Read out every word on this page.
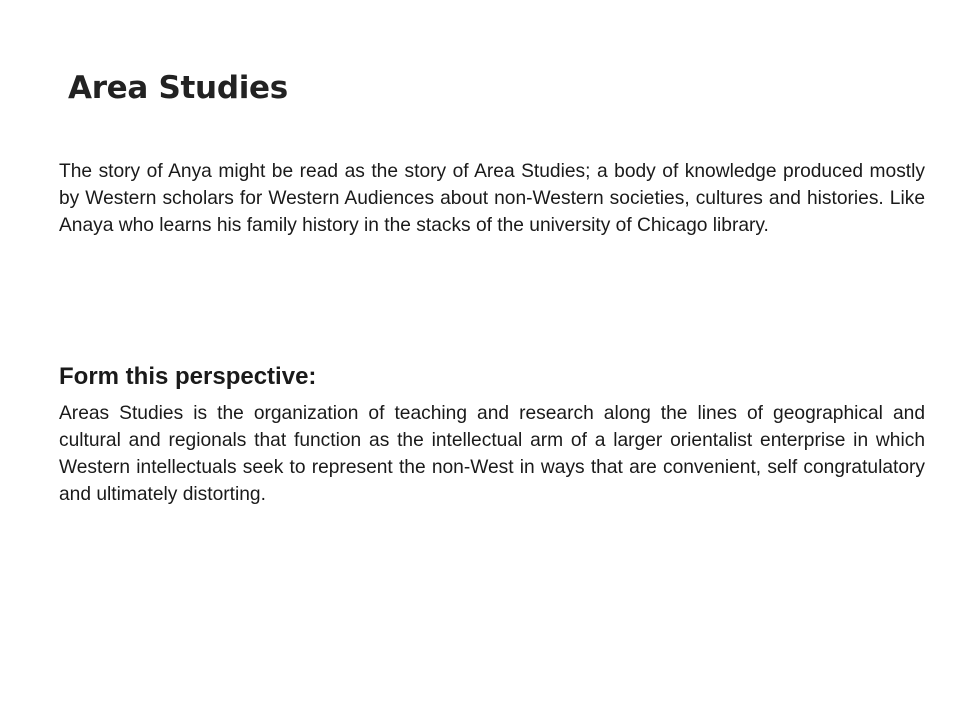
Area Studies

The story of Anya might be read as the story of Area Studies; a body of knowledge produced mostly by Western scholars for Western Audiences about non-Western societies, cultures and histories. Like Anaya who learns his family history in the stacks of the university of Chicago library.

Form this perspective:

Areas Studies is the organization of teaching and research along the lines of geographical and cultural and regionals that function as the intellectual arm of a larger orientalist enterprise in which Western intellectuals seek to represent the non-West in ways that are convenient, self congratulatory and ultimately distorting.
